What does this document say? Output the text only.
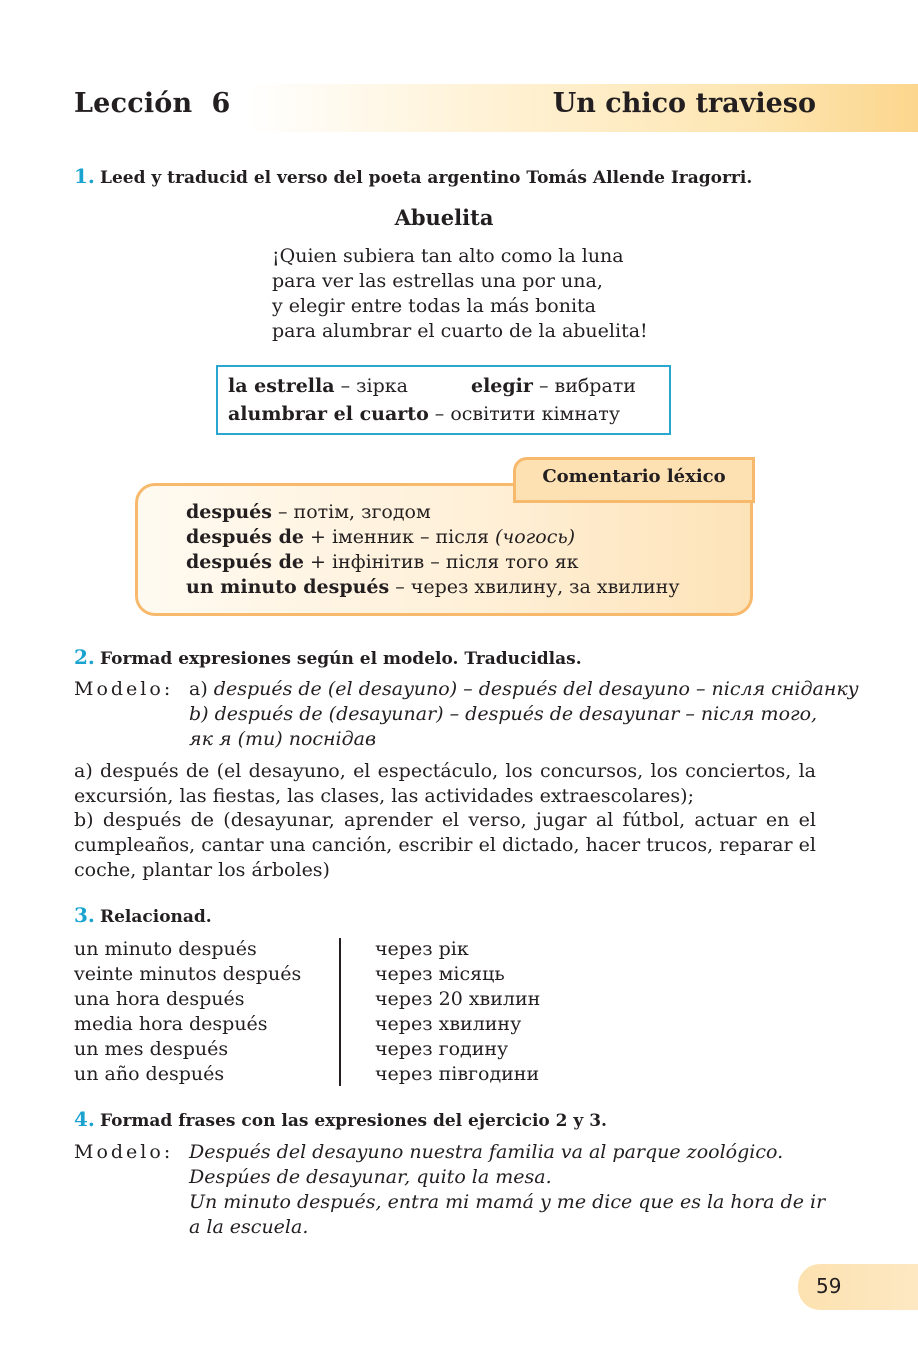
Lección  6	Un chico travieso
1. Leed y traducid el verso del poeta argentino Tomás Allende Iragorri.
Abuelita
¡Quien subiera tan alto como la luna
para ver las estrellas una por una,
y elegir entre todas la más bonita
para alumbrar el cuarto de la abuelita!
la estrella – зірка	elegir – вибрати
alumbrar el cuarto – освітити кімнату
Comentario léxico
después – потім, згодом
después de + іменник – після (чогось)
después de + інфінітив – після того як
un minuto después – через хвилину, за хвилину
2. Formad expresiones según el modelo. Traducidlas.
Modelo: a) después de (el desayuno) – después del desayuno – після сніданку
b) después de (desayunar) – después de desayunar – після того,
як я (ти) поснідав
a) después de (el desayuno, el espectáculo, los concursos, los conciertos, la excursión, las fiestas, las clases, las actividades extraescolares);
b) después de (desayunar, aprender el verso, jugar al fútbol, actuar en el cumpleaños, cantar una canción, escribir el dictado, hacer trucos, reparar el coche, plantar los árboles)
3. Relacionad.
un minuto después
veinte minutos después
una hora después
media hora después
un mes después
un año después
через рік
через місяць
через 20 хвилин
через хвилину
через годину
через півгодини
4. Formad frases con las expresiones del ejercicio 2 y 3.
Modelo: Después del desayuno nuestra familia va al parque zoológico.
Despúes de desayunar, quito la mesa.
Un minuto después, entra mi mamá y me dice que es la hora de ir
a la escuela.
59
